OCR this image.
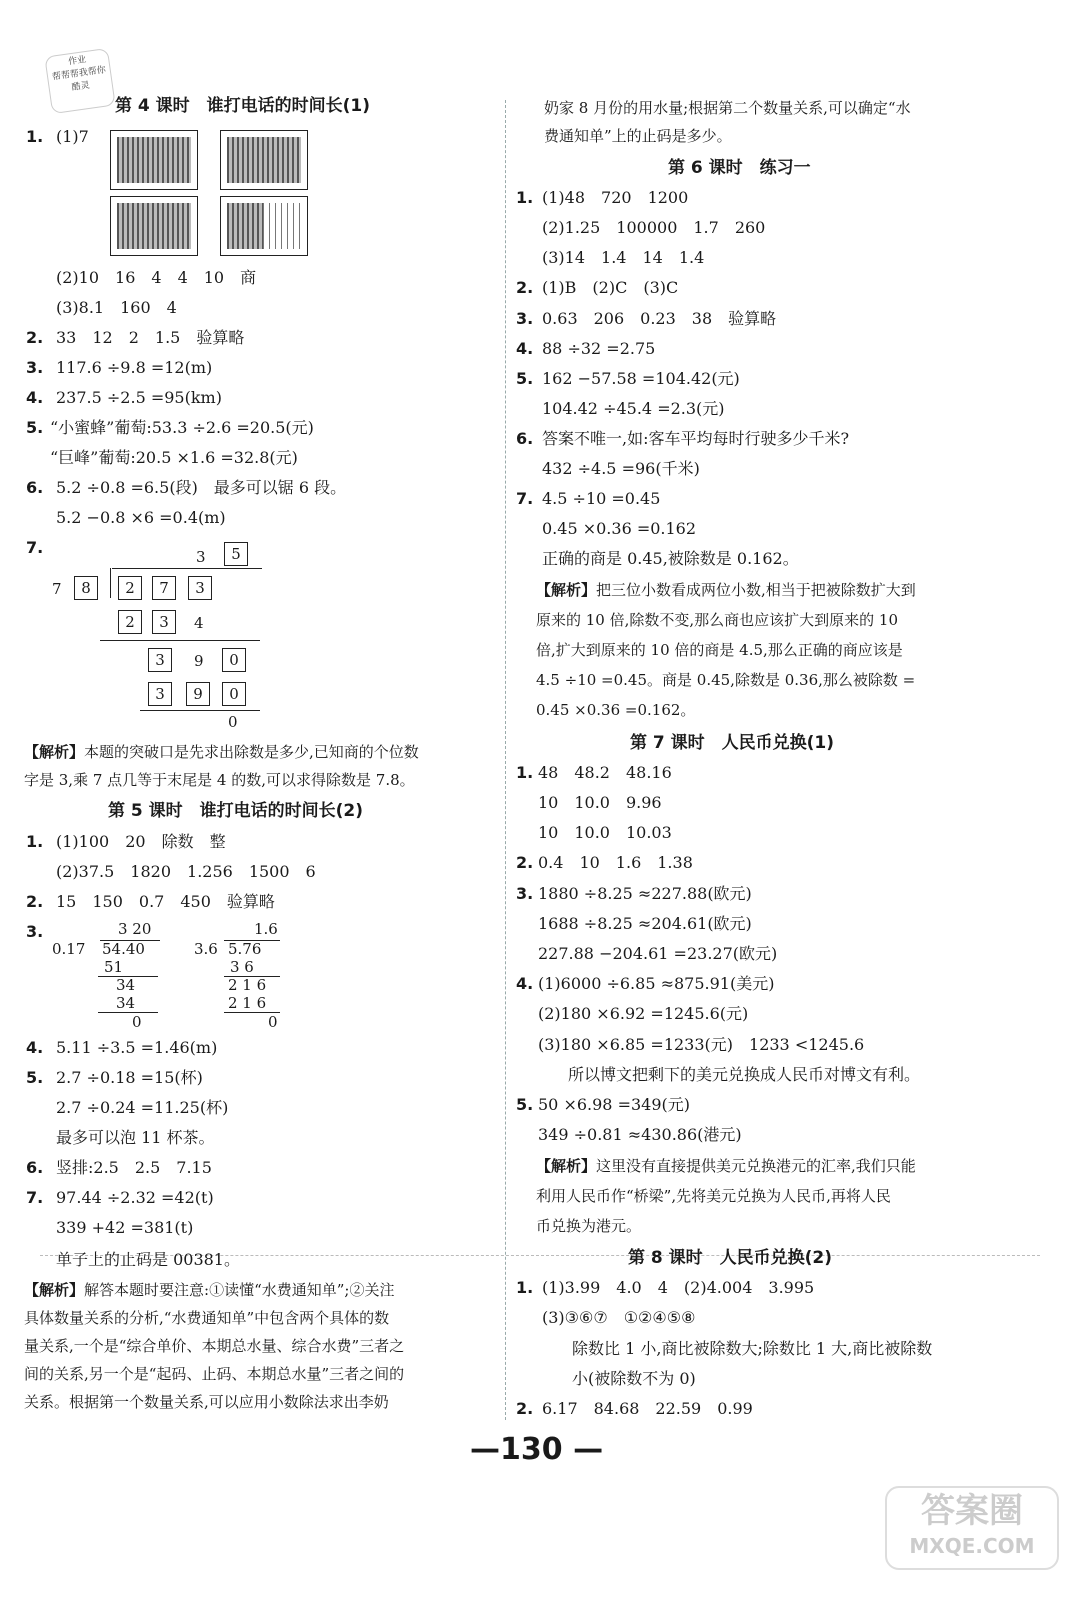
作业
帮帮帮我帮你
酷灵
第 4 课时　谁打电话的时间长(1)
1. (1)7
(2)10　16　4　4　10　商
(3)8.1　160　4
2. 33　12　2　1.5　验算略
3. 117.6 ÷9.8 =12(m)
4. 237.5 ÷2.5 =95(km)
5. “小蜜蜂”葡萄:53.3 ÷2.6 =20.5(元)
“巨峰”葡萄:20.5 ×1.6 =32.8(元)
6. 5.2 ÷0.8 =6.5(段)　最多可以锯 6 段。
5.2 −0.8 ×6 =0.4(m)
7.	3	5
7	8	2	7	3
2	3	4
3	9	0
3	9	0
0
【解析】本题的突破口是先求出除数是多少,已知商的个位数
字是 3,乘 7 点几等于末尾是 4 的数,可以求得除数是 7.8。
第 5 课时　谁打电话的时间长(2)
1. (1)100　20　除数　整
(2)37.5　1820　1.256　1500　6
2. 15　150　0.7　450　验算略
3.	3 20
0.17 54.40
51
34
34
0
1.6
3.6 5.76
3 6
2 1 6
2 1 6
0
4. 5.11 ÷3.5 =1.46(m)
5. 2.7 ÷0.18 =15(杯)
2.7 ÷0.24 =11.25(杯)
最多可以泡 11 杯茶。
6. 竖排:2.5　2.5　7.15
7. 97.44 ÷2.32 =42(t)
339 +42 =381(t)
单子上的止码是 00381。
【解析】解答本题时要注意:①读懂“水费通知单”;②关注
具体数量关系的分析,“水费通知单”中包含两个具体的数
量关系,一个是“综合单价、本期总水量、综合水费”三者之
间的关系,另一个是“起码、止码、本期总水量”三者之间的
关系。根据第一个数量关系,可以应用小数除法求出李奶
奶家 8 月份的用水量;根据第二个数量关系,可以确定“水
费通知单”上的止码是多少。
第 6 课时　练习一
1. (1)48　720　1200
(2)1.25　100000　1.7　260
(3)14　1.4　14　1.4
2. (1)B　(2)C　(3)C
3. 0.63　206　0.23　38　验算略
4. 88 ÷32 =2.75
5. 162 −57.58 =104.42(元)
104.42 ÷45.4 =2.3(元)
6. 答案不唯一,如:客车平均每时行驶多少千米?
432 ÷4.5 =96(千米)
7. 4.5 ÷10 =0.45
0.45 ×0.36 =0.162
正确的商是 0.45,被除数是 0.162。
【解析】把三位小数看成两位小数,相当于把被除数扩大到
原来的 10 倍,除数不变,那么商也应该扩大到原来的 10
倍,扩大到原来的 10 倍的商是 4.5,那么正确的商应该是
4.5 ÷10 =0.45。商是 0.45,除数是 0.36,那么被除数 =
0.45 ×0.36 =0.162。
第 7 课时　人民币兑换(1)
1. 48　48.2　48.16
10　10.0　9.96
10　10.0　10.03
2. 0.4　10　1.6　1.38
3. 1880 ÷8.25 ≈227.88(欧元)
1688 ÷8.25 ≈204.61(欧元)
227.88 −204.61 =23.27(欧元)
4. (1)6000 ÷6.85 ≈875.91(美元)
(2)180 ×6.92 =1245.6(元)
(3)180 ×6.85 =1233(元)　1233 <1245.6
所以博文把剩下的美元兑换成人民币对博文有利。
5. 50 ×6.98 =349(元)
349 ÷0.81 ≈430.86(港元)
【解析】这里没有直接提供美元兑换港元的汇率,我们只能
利用人民币作“桥梁”,先将美元兑换为人民币,再将人民
币兑换为港元。
第 8 课时　人民币兑换(2)
1. (1)3.99　4.0　4　(2)4.004　3.995
(3)③⑥⑦　①②④⑤⑧
除数比 1 小,商比被除数大;除数比 1 大,商比被除数
小(被除数不为 0)
2. 6.17　84.68　22.59　0.99
—130 —
答案圈
MXQE.COM
